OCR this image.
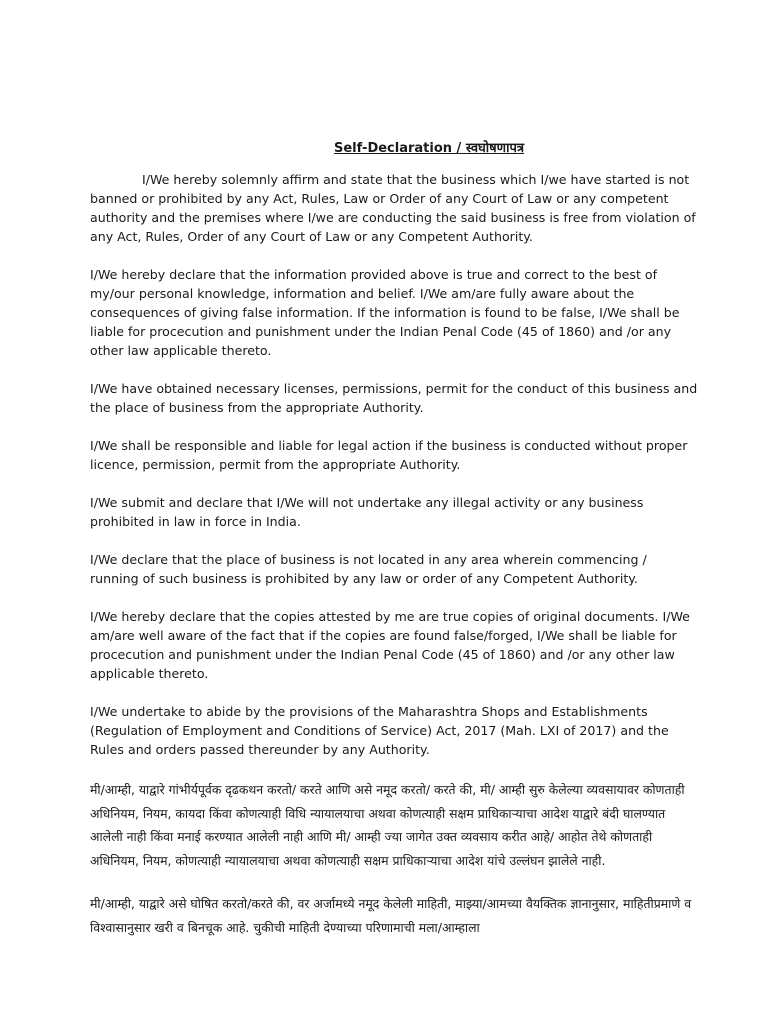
Self-Declaration / स्वघोषणापत्र

I/We hereby solemnly affirm and state that the business which I/we have started is not banned or prohibited by any Act, Rules, Law or Order of any Court of Law or any competent authority and the premises where I/we are conducting the said business is free from violation of any Act, Rules, Order of any Court of Law or any Competent Authority.

I/We hereby declare that the information provided above is true and correct to the best of my/our personal knowledge, information and belief. I/We am/are fully aware about the consequences of giving false information. If the information is found to be false, I/We shall be liable for procecution and punishment under the Indian Penal Code (45 of 1860) and /or any other law applicable thereto.

I/We have obtained necessary licenses, permissions, permit for the conduct of this business and the place of business from the appropriate Authority.

I/We shall be responsible and liable for legal action if the business is conducted without proper licence, permission, permit from the appropriate Authority.

I/We submit and declare that I/We will not undertake any illegal activity or any business prohibited in law in force in India.

I/We declare that the place of business is not located in any area wherein commencing / running of such business is prohibited by any law or order of any Competent Authority.

I/We hereby declare that the copies attested by me are true copies of original documents. I/We am/are well aware of the fact that if the copies are found false/forged, I/We shall be liable for procecution and punishment under the Indian Penal Code (45 of 1860) and /or any other law applicable thereto.

I/We undertake to abide by the provisions of the Maharashtra Shops and Establishments (Regulation of Employment and Conditions of Service) Act, 2017 (Mah. LXI of 2017) and the Rules and orders passed thereunder by any Authority.

मी/आम्ही, याद्वारे गांभीर्यपूर्वक दृढकथन करतो/ करते आणि असे नमूद करतो/ करते की, मी/ आम्ही सुरु केलेल्या व्यवसायावर कोणताही अधिनियम, नियम, कायदा किंवा कोणत्याही विधि न्यायालयाचा अथवा कोणत्याही सक्षम प्राधिकाऱ्याचा आदेश याद्वारे बंदी घालण्यात आलेली नाही किंवा मनाई करण्यात आलेली नाही आणि मी/ आम्ही ज्या जागेत उक्त व्यवसाय करीत आहे/ आहोत तेथे कोणताही अधिनियम, नियम, कोणत्याही न्यायालयाचा अथवा कोणत्याही सक्षम प्राधिकाऱ्याचा आदेश यांचे उल्लंघन झालेले नाही.

मी/आम्ही, याद्वारे असे घोषित करतो/करते की, वर अर्जामध्ये नमूद केलेली माहिती, माझ्या/आमच्या वैयक्तिक ज्ञानानुसार, माहितीप्रमाणे व विश्वासानुसार खरी व बिनचूक आहे. चुकीची माहिती देण्याच्या परिणामाची मला/आम्हाला
